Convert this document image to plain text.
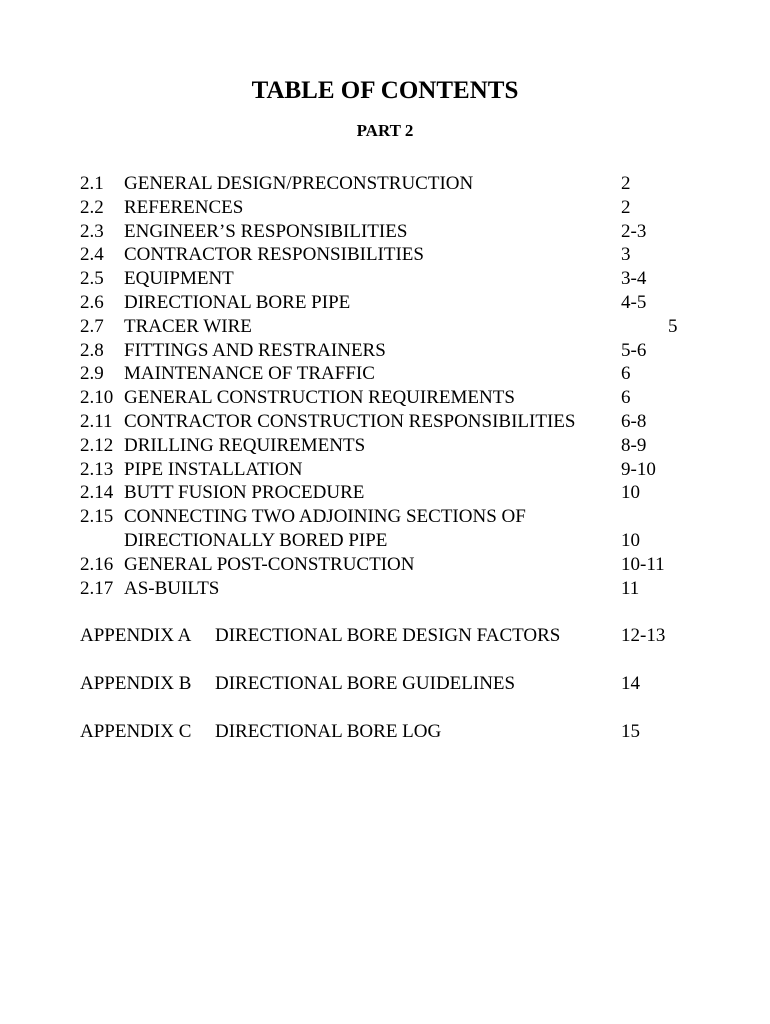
TABLE OF CONTENTS
PART 2
2.1 GENERAL DESIGN/PRECONSTRUCTION	2
2.2 REFERENCES	2
2.3 ENGINEER’S RESPONSIBILITIES	2-3
2.4 CONTRACTOR RESPONSIBILITIES	3
2.5 EQUIPMENT	3-4
2.6 DIRECTIONAL BORE PIPE	4-5
2.7 TRACER WIRE	5
2.8 FITTINGS AND RESTRAINERS	5-6
2.9 MAINTENANCE OF TRAFFIC	6
2.10 GENERAL CONSTRUCTION REQUIREMENTS	6
2.11 CONTRACTOR CONSTRUCTION RESPONSIBILITIES 6-8
2.12 DRILLING REQUIREMENTS	8-9
2.13 PIPE INSTALLATION	9-10
2.14 BUTT FUSION PROCEDURE	10
2.15 CONNECTING TWO ADJOINING SECTIONS OF
DIRECTIONALLY BORED PIPE	10
2.16 GENERAL POST-CONSTRUCTION	10-11
2.17 AS-BUILTS	11
APPENDIX A DIRECTIONAL BORE DESIGN FACTORS	12-13
APPENDIX B DIRECTIONAL BORE GUIDELINES	14
APPENDIX C DIRECTIONAL BORE LOG	15
